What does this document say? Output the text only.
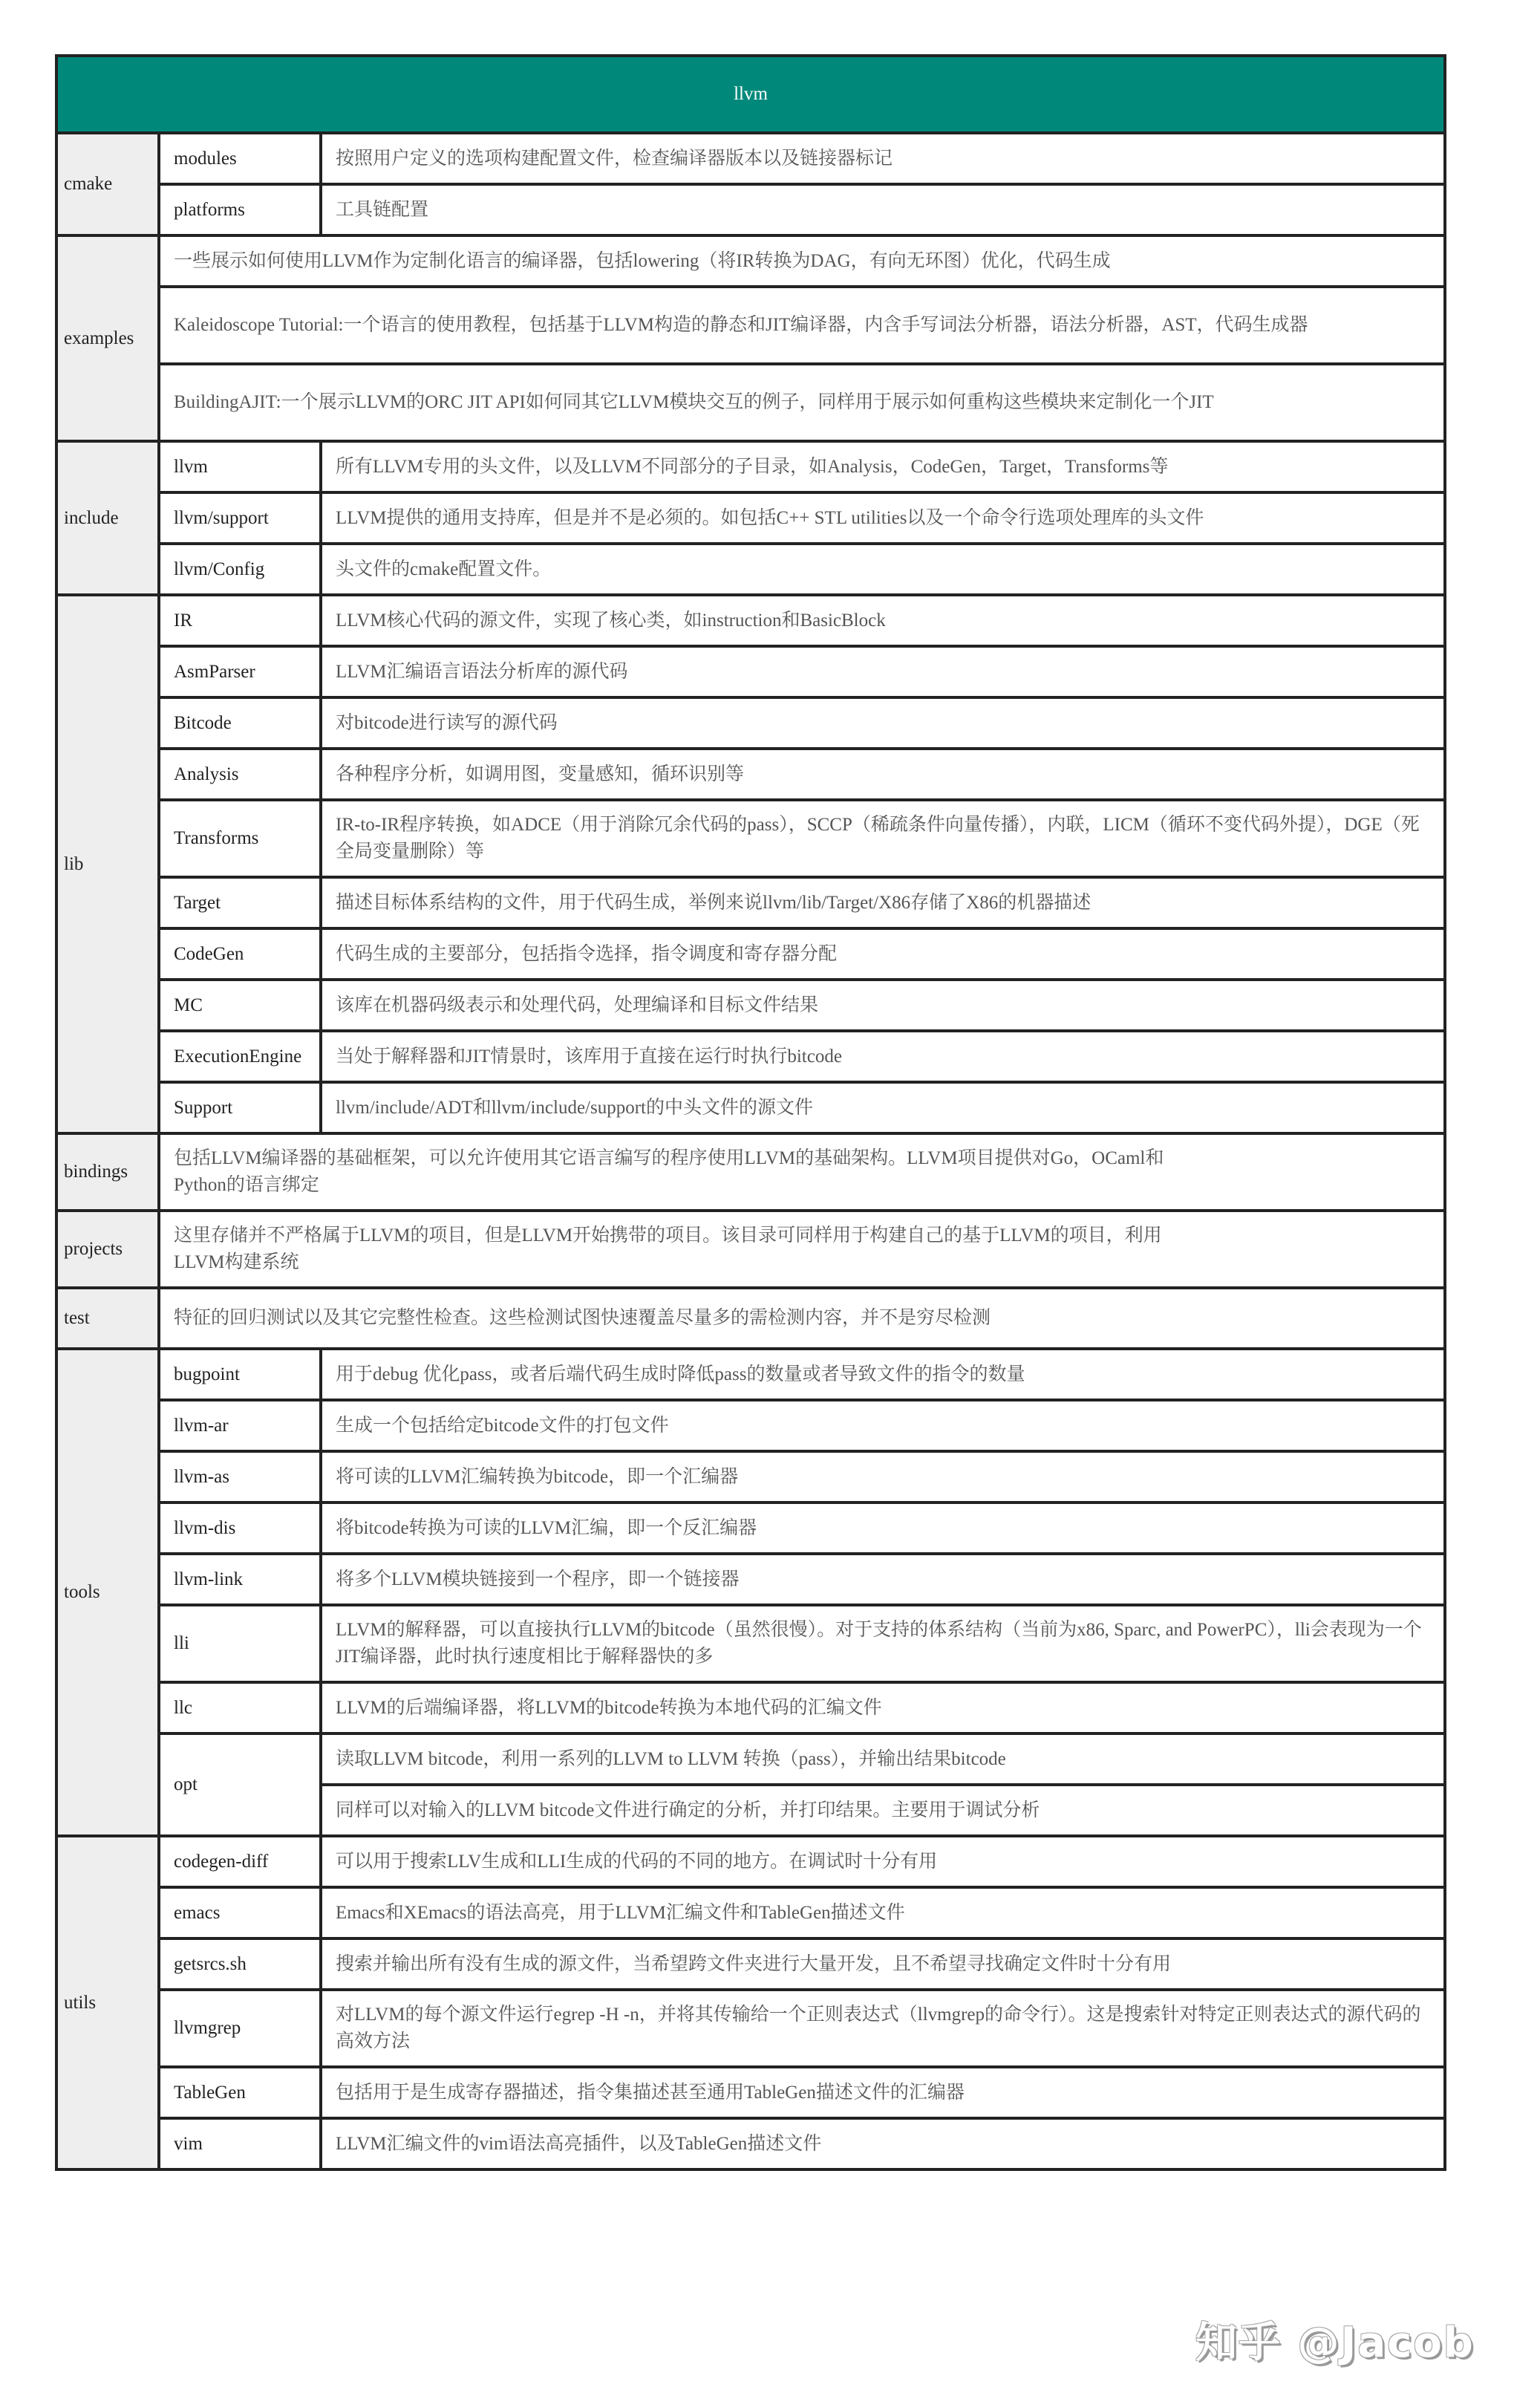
llvm		
cmake	modules	按照用户定义的选项构建配置文件，检查编译器版本以及链接器标记
	platforms	工具链配置
examples	一些展示如何使用LLVM作为定制化语言的编译器，包括lowering（将IR转换为DAG，有向无环图）优化，代码生成	
	Kaleidoscope Tutorial:一个语言的使用教程，包括基于LLVM构造的静态和JIT编译器，内含手写词法分析器，语法分析器，AST，代码生成器	
	BuildingAJIT:一个展示LLVM的ORC JIT API如何同其它LLVM模块交互的例子，同样用于展示如何重构这些模块来定制化一个JIT	
include	llvm	所有LLVM专用的头文件，以及LLVM不同部分的子目录，如Analysis，CodeGen，Target，Transforms等
	llvm/support	LLVM提供的通用支持库，但是并不是必须的。如包括C++ STL utilities以及一个命令行选项处理库的头文件
	llvm/Config	头文件的cmake配置文件。
lib	IR	LLVM核心代码的源文件，实现了核心类，如instruction和BasicBlock
	AsmParser	LLVM汇编语言语法分析库的源代码
	Bitcode	对bitcode进行读写的源代码
	Analysis	各种程序分析，如调用图，变量感知，循环识别等
	Transforms	IR-to-IR程序转换，如ADCE（用于消除冗余代码的pass），SCCP（稀疏条件向量传播），内联，LICM（循环不变代码外提），DGE（死全局变量删除）等
	Target	描述目标体系结构的文件，用于代码生成，举例来说llvm/lib/Target/X86存储了X86的机器描述
	CodeGen	代码生成的主要部分，包括指令选择，指令调度和寄存器分配
	MC	该库在机器码级表示和处理代码，处理编译和目标文件结果
	ExecutionEngine	当处于解释器和JIT情景时，该库用于直接在运行时执行bitcode
	Support	llvm/include/ADT和llvm/include/support的中头文件的源文件
bindings	包括LLVM编译器的基础框架，可以允许使用其它语言编写的程序使用LLVM的基础架构。LLVM项目提供对Go，OCaml和Python的语言绑定	
projects	这里存储并不严格属于LLVM的项目，但是LLVM开始携带的项目。该目录可同样用于构建自己的基于LLVM的项目，利用LLVM构建系统	
test	特征的回归测试以及其它完整性检查。这些检测试图快速覆盖尽量多的需检测内容，并不是穷尽检测	
tools	bugpoint	用于debug 优化pass，或者后端代码生成时降低pass的数量或者导致文件的指令的数量
	llvm-ar	生成一个包括给定bitcode文件的打包文件
	llvm-as	将可读的LLVM汇编转换为bitcode，即一个汇编器
	llvm-dis	将bitcode转换为可读的LLVM汇编，即一个反汇编器
	llvm-link	将多个LLVM模块链接到一个程序，即一个链接器
	lli	LLVM的解释器，可以直接执行LLVM的bitcode（虽然很慢）。对于支持的体系结构（当前为x86, Sparc, and PowerPC），lli会表现为一个JIT编译器，此时执行速度相比于解释器快的多
	llc	LLVM的后端编译器，将LLVM的bitcode转换为本地代码的汇编文件
	opt	读取LLVM bitcode，利用一系列的LLVM to LLVM 转换（pass），并输出结果bitcode
		同样可以对输入的LLVM bitcode文件进行确定的分析，并打印结果。主要用于调试分析
utils	codegen-diff	可以用于搜索LLV生成和LLI生成的代码的不同的地方。在调试时十分有用
	emacs	Emacs和XEmacs的语法高亮，用于LLVM汇编文件和TableGen描述文件
	getsrcs.sh	搜索并输出所有没有生成的源文件，当希望跨文件夹进行大量开发，且不希望寻找确定文件时十分有用
	llvmgrep	对LLVM的每个源文件运行egrep -H -n，并将其传输给一个正则表达式（llvmgrep的命令行）。这是搜索针对特定正则表达式的源代码的高效方法
	TableGen	包括用于是生成寄存器描述，指令集描述甚至通用TableGen描述文件的汇编器
	vim	LLVM汇编文件的vim语法高亮插件，以及TableGen描述文件
知乎 @Jacob
